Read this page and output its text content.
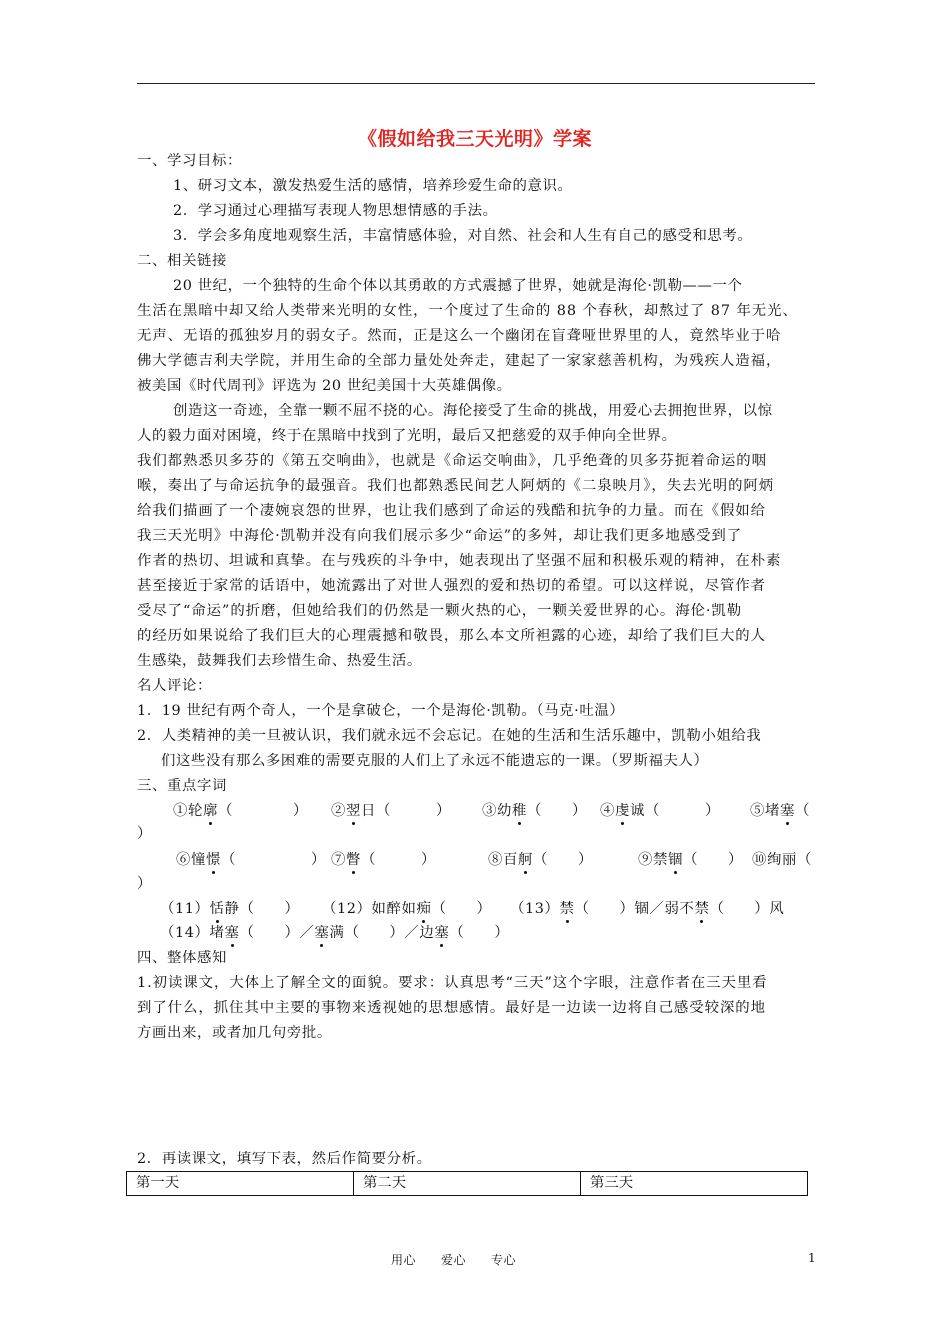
《假如给我三天光明》学案
一、学习目标：
1、研习文本，激发热爱生活的感情，培养珍爱生命的意识。
2．学习通过心理描写表现人物思想情感的手法。
3．学会多角度地观察生活，丰富情感体验，对自然、社会和人生有自己的感受和思考。
二、相关链接
20 世纪，一个独特的生命个体以其勇敢的方式震撼了世界，她就是海伦·凯勒——一个
生活在黑暗中却又给人类带来光明的女性，一个度过了生命的 88 个春秋，却熬过了 87 年无光、
无声、无语的孤独岁月的弱女子。然而，正是这么一个幽闭在盲聋哑世界里的人，竟然毕业于哈
佛大学德吉利夫学院，并用生命的全部力量处处奔走，建起了一家家慈善机构，为残疾人造福，
被美国《时代周刊》评选为 20 世纪美国十大英雄偶像。
创造这一奇迹，全靠一颗不屈不挠的心。海伦接受了生命的挑战，用爱心去拥抱世界，以惊
人的毅力面对困境，终于在黑暗中找到了光明，最后又把慈爱的双手伸向全世界。
我们都熟悉贝多芬的《第五交响曲》，也就是《命运交响曲》，几乎绝聋的贝多芬扼着命运的咽
喉，奏出了与命运抗争的最强音。我们也都熟悉民间艺人阿炳的《二泉映月》，失去光明的阿炳
给我们描画了一个凄婉哀怨的世界，也让我们感到了命运的残酷和抗争的力量。而在《假如给
我三天光明》中海伦·凯勒并没有向我们展示多少“命运”的多舛，却让我们更多地感受到了
作者的热切、坦诚和真挚。在与残疾的斗争中，她表现出了坚强不屈和积极乐观的精神，在朴素
甚至接近于家常的话语中，她流露出了对世人强烈的爱和热切的希望。可以这样说，尽管作者
受尽了“命运”的折磨，但她给我们的仍然是一颗火热的心，一颗关爱世界的心。海伦·凯勒
的经历如果说给了我们巨大的心理震撼和敬畏，那么本文所袒露的心迹，却给了我们巨大的人
生感染，鼓舞我们去珍惜生命、热爱生活。
名人评论：
1．19 世纪有两个奇人，一个是拿破仑，一个是海伦·凯勒。（马克·吐温）
2．人类精神的美一旦被认识，我们就永远不会忘记。在她的生活和生活乐趣中，凯勒小姐给我
们这些没有那么多困难的需要克服的人们上了永远不能遗忘的一课。（罗斯福夫人）
三、重点字词
①轮廓（　　　　） ②翌日（　　　） ③幼稚（　　） ④虔诚（　　　） ⑤堵塞（
）
⑥憧憬（　　　　　） ⑦瞥（　　　）	⑧百舸（　　）	⑨禁锢（　　） ⑩绚丽（
）
（11）恬静（　　） （12）如醉如痴（　　） （13）禁（　　）锢／弱不禁（　　）风
（14）堵塞（　　）／塞满（　　）／边塞（　　）
四、整体感知
1.初读课文，大体上了解全文的面貌。要求：认真思考“三天”这个字眼，注意作者在三天里看
到了什么，抓住其中主要的事物来透视她的思想感情。最好是一边读一边将自己感受较深的地
方画出来，或者加几句旁批。
2．再读课文，填写下表，然后作简要分析。
第一天	第二天	第三天
用心　　爱心　　专心	1
